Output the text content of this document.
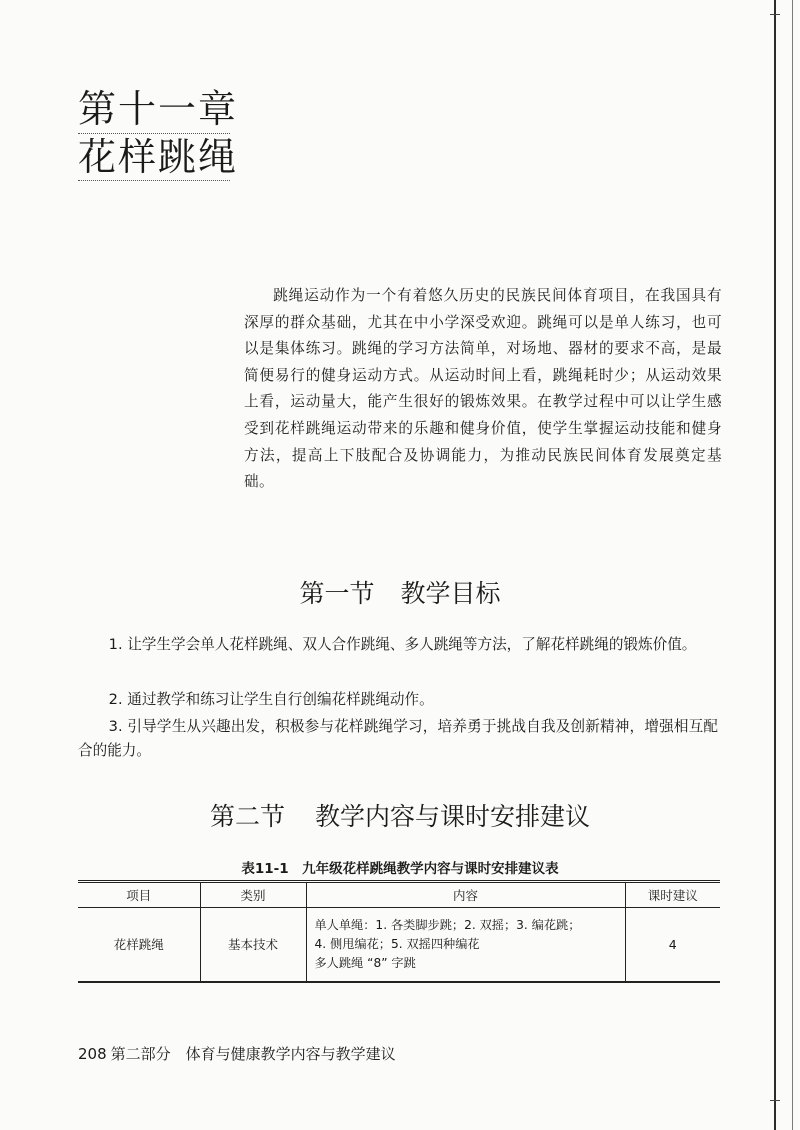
第十一章
花样跳绳
跳绳运动作为一个有着悠久历史的民族民间体育项目，在我国具有深厚的群众基础，尤其在中小学深受欢迎。跳绳可以是单人练习，也可以是集体练习。跳绳的学习方法简单，对场地、器材的要求不高，是最简便易行的健身运动方式。从运动时间上看，跳绳耗时少；从运动效果上看，运动量大，能产生很好的锻炼效果。在教学过程中可以让学生感受到花样跳绳运动带来的乐趣和健身价值，使学生掌握运动技能和健身方法，提高上下肢配合及协调能力，为推动民族民间体育发展奠定基础。
第一节 教学目标
1. 让学生学会单人花样跳绳、双人合作跳绳、多人跳绳等方法，了解花样跳绳的锻炼价值。
2. 通过教学和练习让学生自行创编花样跳绳动作。
3. 引导学生从兴趣出发，积极参与花样跳绳学习，培养勇于挑战自我及创新精神，增强相互配合的能力。
第二节 教学内容与课时安排建议
表11-1　九年级花样跳绳教学内容与课时安排建议表
项目	类别	内容	课时建议
花样跳绳	基本技术	单人单绳：1. 各类脚步跳；2. 双摇；3. 编花跳；
4. 侧甩编花；5. 双摇四种编花
多人跳绳 “8” 字跳	4
208 第二部分　体育与健康教学内容与教学建议
